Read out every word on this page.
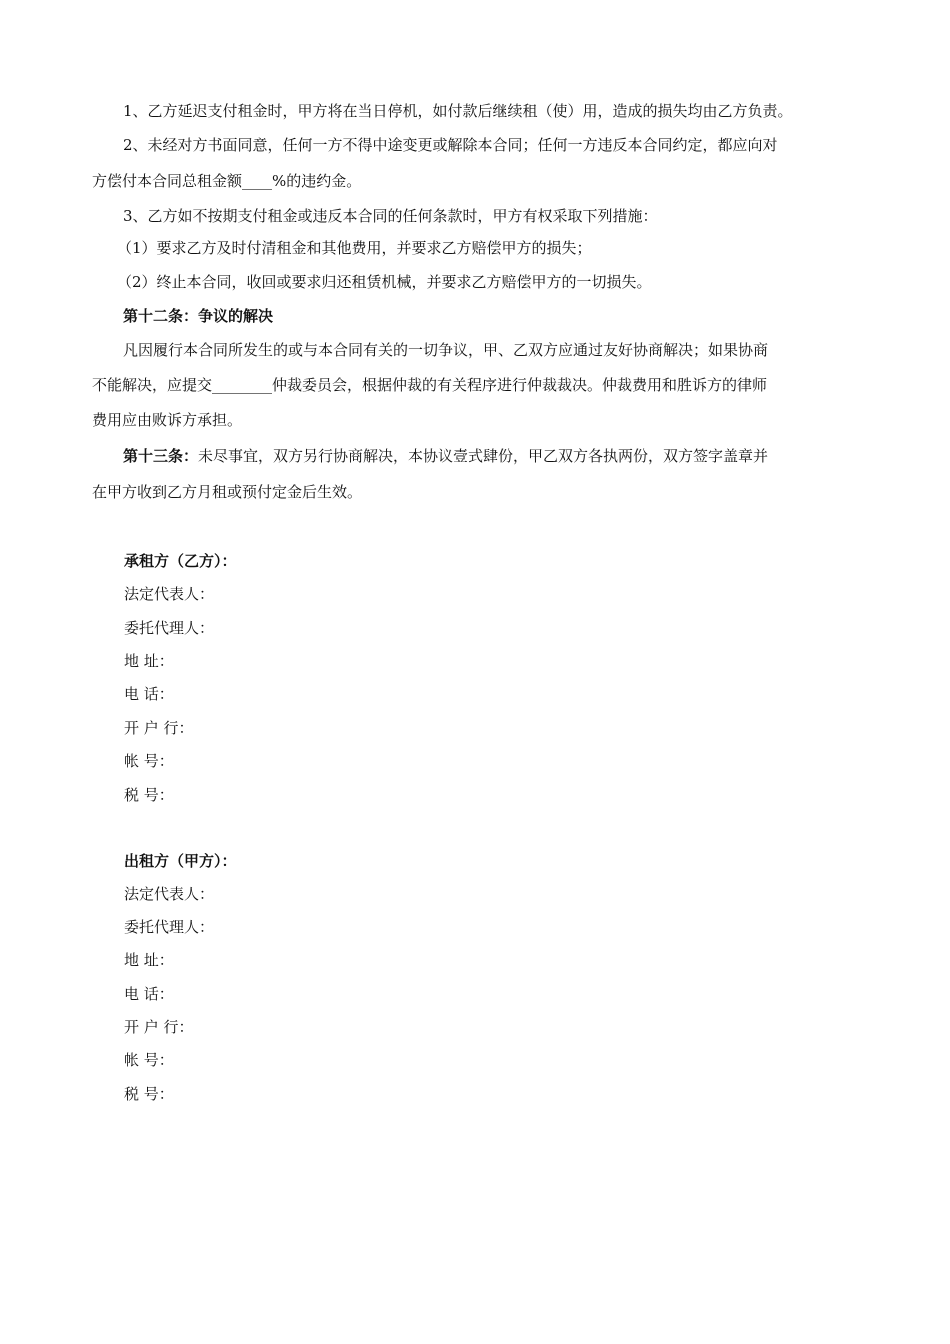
1、乙方延迟支付租金时，甲方将在当日停机，如付款后继续租（使）用，造成的损失均由乙方负责。
2、未经对方书面同意，任何一方不得中途变更或解除本合同；任何一方违反本合同约定，都应向对
方偿付本合同总租金额____%的违约金。
3、乙方如不按期支付租金或违反本合同的任何条款时，甲方有权采取下列措施：
（1）要求乙方及时付清租金和其他费用，并要求乙方赔偿甲方的损失；
（2）终止本合同，收回或要求归还租赁机械，并要求乙方赔偿甲方的一切损失。
第十二条：争议的解决
凡因履行本合同所发生的或与本合同有关的一切争议，甲、乙双方应通过友好协商解决；如果协商
不能解决，应提交________仲裁委员会，根据仲裁的有关程序进行仲裁裁决。仲裁费用和胜诉方的律师
费用应由败诉方承担。
第十三条：未尽事宜，双方另行协商解决，本协议壹式肆份，甲乙双方各执两份，双方签字盖章并
在甲方收到乙方月租或预付定金后生效。
承租方（乙方）：
法定代表人：
委托代理人：
地 址：
电 话：
开 户 行：
帐 号：
税 号：
出租方（甲方）：
法定代表人：
委托代理人：
地 址：
电 话：
开 户 行：
帐 号：
税 号：
